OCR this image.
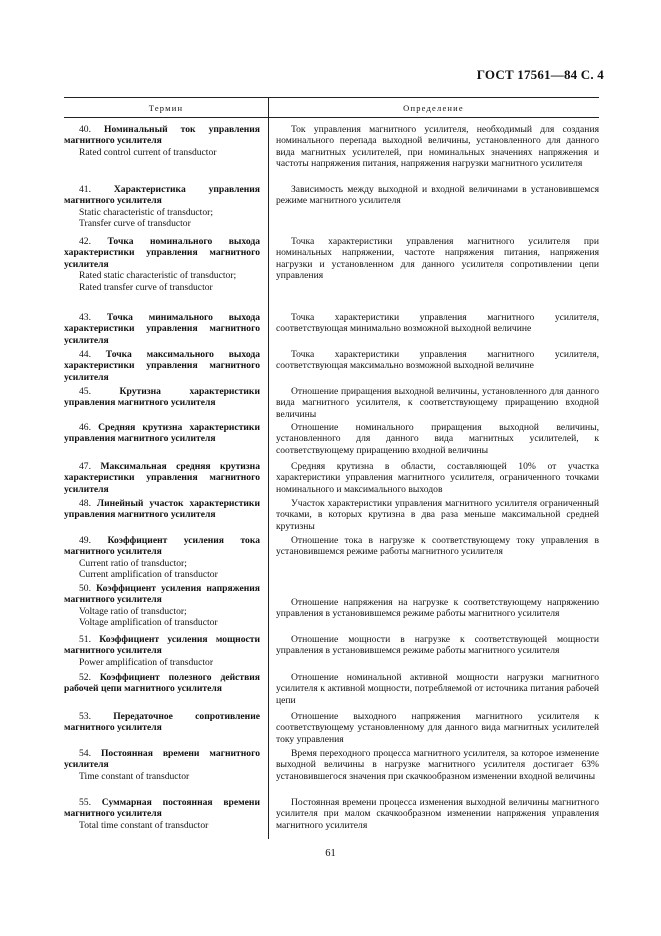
ГОСТ 17561—84 С. 4
Термин	Определение
40. Номинальный ток управления магнитного усилителя
Rated control current of transductor
Ток управления магнитного усилителя, необходимый для создания номинального перепада выходной величины, установленного для данного вида магнитных усилителей, при номинальных значениях напряжения и частоты напряжения питания, напряжения нагрузки магнитного усилителя
41. Характеристика управления магнитного усилителя
Static characteristic of transductor;
Transfer curve of transductor
Зависимость между выходной и входной величинами в установившемся режиме магнитного усилителя
42. Точка номинального выхода характеристики управления магнитного усилителя
Rated static characteristic of transductor;
Rated transfer curve of transductor
Точка характеристики управления магнитного усилителя при номинальных напряжении, частоте напряжения питания, напряжения нагрузки и установленном для данного усилителя сопротивлении цепи управления
43. Точка минимального выхода характеристики управления магнитного усилителя
Точка характеристики управления магнитного усилителя, соответствующая минимально возможной выходной величине
44. Точка максимального выхода характеристики управления магнитного усилителя
Точка характеристики управления магнитного усилителя, соответствующая максимально возможной выходной величине
45.	Крутизна характеристики управления магнитного усилителя
Отношение приращения выходной величины, установленного для данного вида магнитного усилителя, к соответствующему приращению входной величины
46. Средняя крутизна характеристики управления магнитного усилителя
Отношение номинального приращения выходной величины, установленного для данного вида магнитных усилителей, к соответствующему приращению входной величины
47. Максимальная средняя крутизна характеристики управления магнитного усилителя
Средняя крутизна в области, составляющей 10% от участка характеристики управления магнитного усилителя, ограниченного точками номинального и максимального выходов
48. Линейный участок характеристики управления магнитного усилителя
Участок характеристики управления магнитного усилителя ограниченный точками, в которых крутизна в два раза меньше максимальной средней крутизны
49. Коэффициент усиления тока магнитного усилителя
Current ratio of transductor;
Current amplification of transductor
Отношение тока в нагрузке к соответствующему току управления в установившемся режиме работы магнитного усилителя
50. Коэффициент усиления напряжения магнитного усилителя
Voltage ratio of transductor;
Voltage amplification of transductor
Отношение напряжения на нагрузке к соответствующему напряжению управления в установившемся режиме работы магнитного усилителя
51. Коэффициент усиления мощности магнитного усилителя
Power amplification of transductor
Отношение мощности в нагрузке к соответствующей мощности управления в установившемся режиме работы магнитного усилителя
52. Коэффициент полезного действия рабочей цепи магнитного усилителя
Отношение номинальной активной мощности нагрузки магнитного усилителя к активной мощности, потребляемой от источника питания рабочей цепи
53. Передаточное сопротивление магнитного усилителя
Отношение выходного напряжения магнитного усилителя к соответствующему установленному для данного вида магнитных усилителей току управления
54. Постоянная времени магнитного усилителя
Time constant of transductor
Время переходного процесса магнитного усилителя, за которое изменение выходной величины в нагрузке магнитного усилителя достигает 63% установившегося значения при скачкообразном изменении входной величины
55. Суммарная постоянная времени магнитного усилителя
Total time constant of transductor
Постоянная времени процесса изменения выходной величины магнитного усилителя при малом скачкообразном изменении напряжения управления магнитного усилителя
61
